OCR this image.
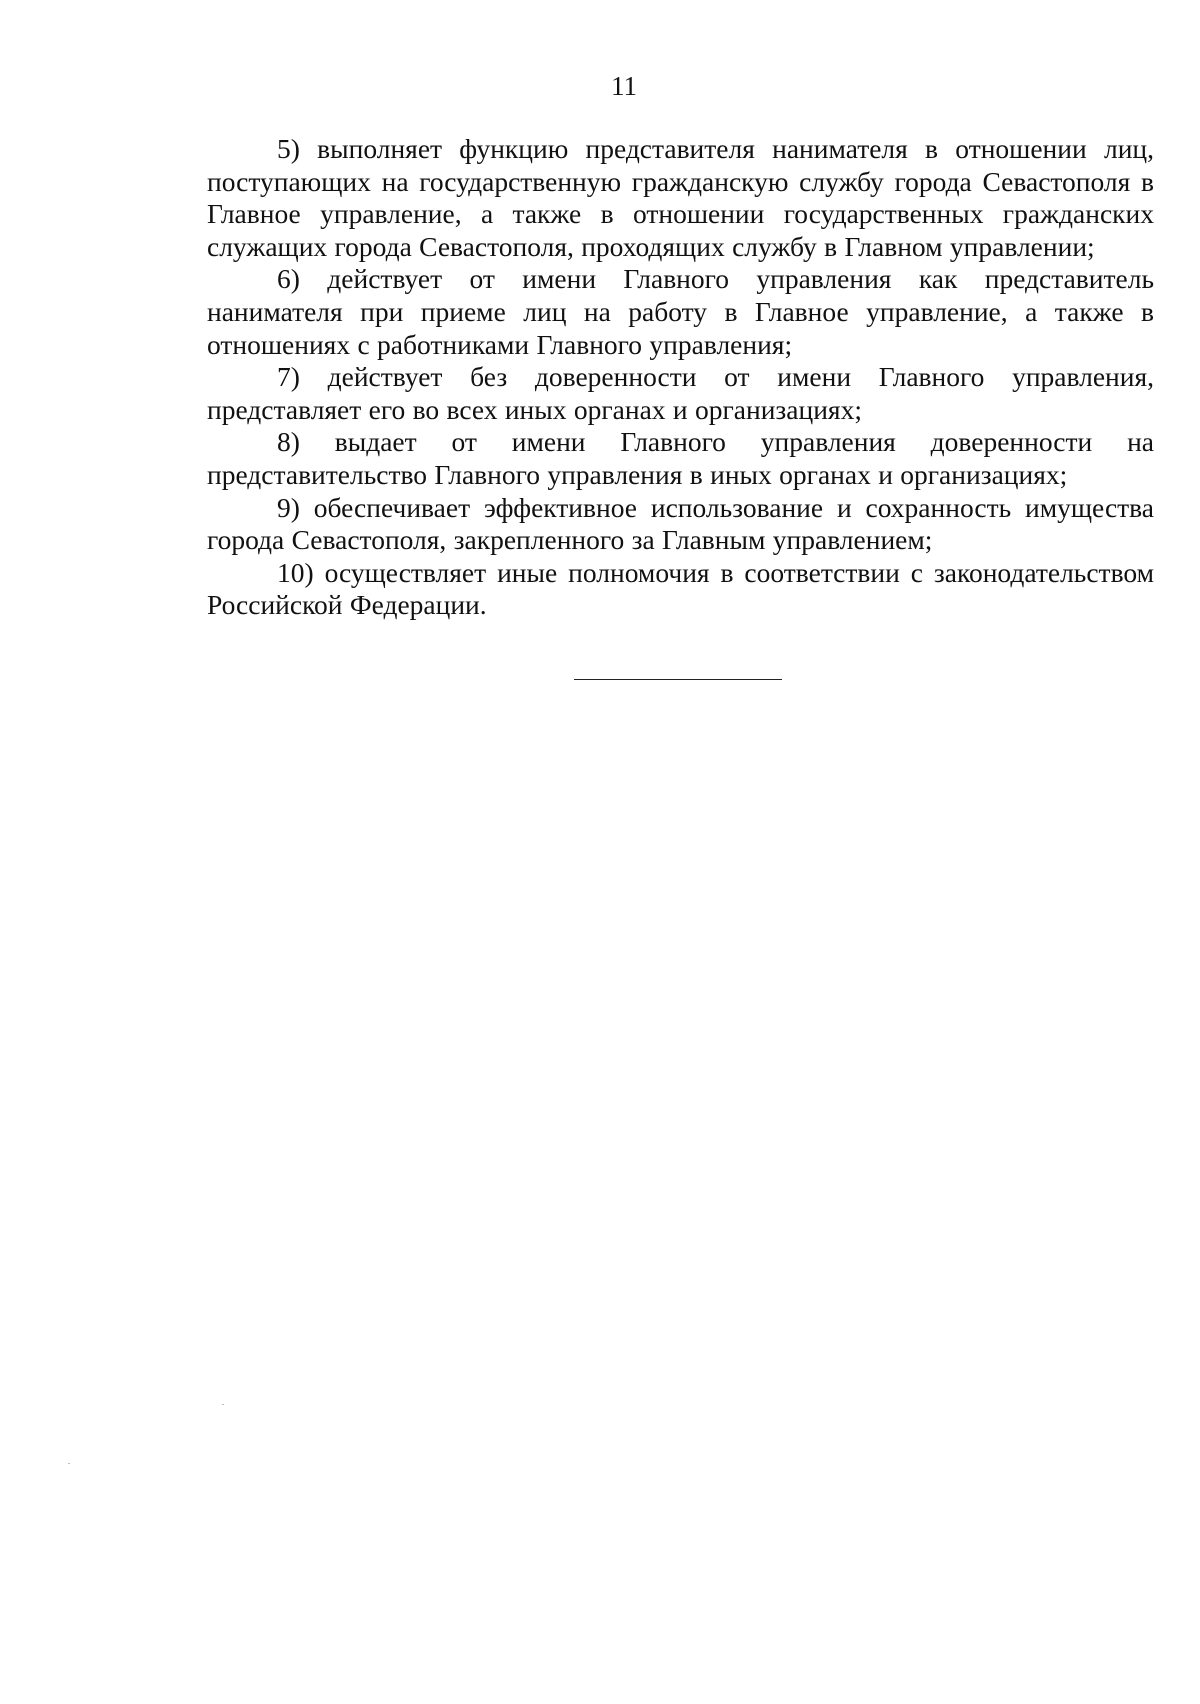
11

5) выполняет функцию представителя нанимателя в отношении лиц, поступающих на государственную гражданскую службу города Севастополя в Главное управление, а также в отношении государственных гражданских служащих города Севастополя, проходящих службу в Главном управлении;

6) действует от имени Главного управления как представитель нанимателя при приеме лиц на работу в Главное управление, а также в отношениях с работниками Главного управления;

7) действует без доверенности от имени Главного управления, представляет его во всех иных органах и организациях;

8) выдает от имени Главного управления доверенности на представительство Главного управления в иных органах и организациях;

9) обеспечивает эффективное использование и сохранность имущества города Севастополя, закрепленного за Главным управлением;

10) осуществляет иные полномочия в соответствии с законодательством Российской Федерации.
